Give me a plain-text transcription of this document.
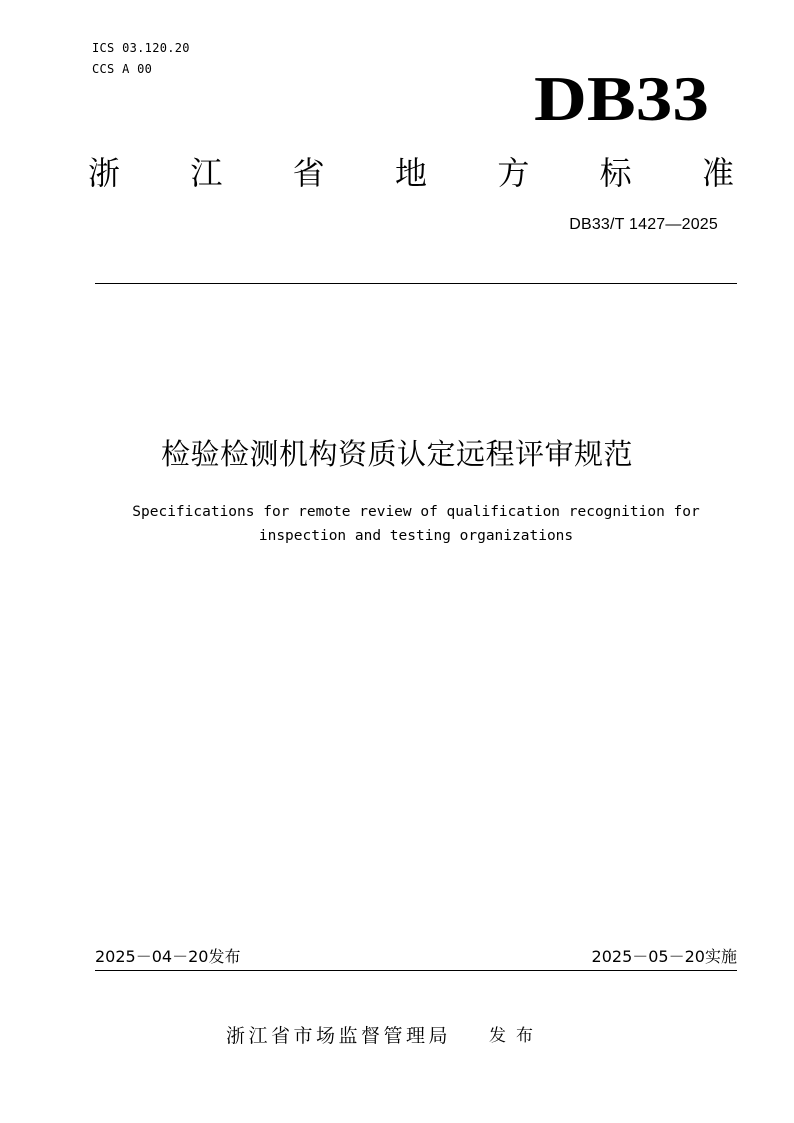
ICS 03.120.20
CCS A 00	DB33
浙 江 省 地 方 标 准
DB33/T 1427—2025
检验检测机构资质认定远程评审规范
Specifications for remote review of qualification recognition for
inspection and testing organizations
2025－04－20发布	2025－05－20实施
浙江省市场监督管理局 发布
